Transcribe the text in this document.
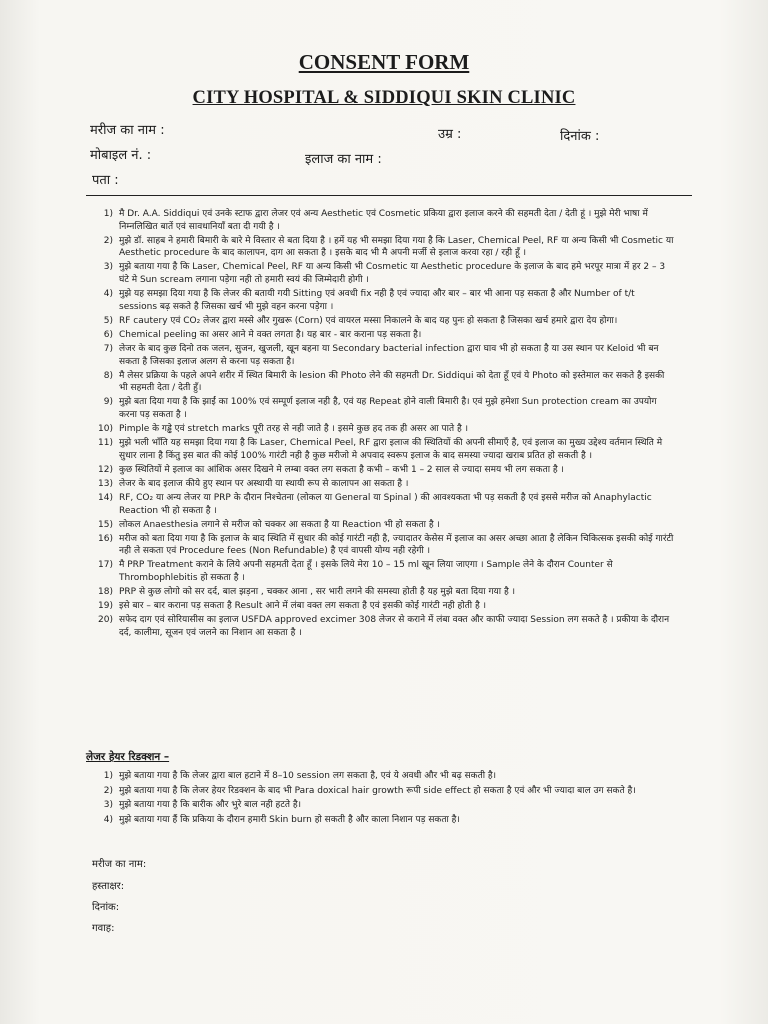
CONSENT FORM
CITY HOSPITAL & SIDDIQUI SKIN CLINIC
मरीज का नाम :	उम्र :	दिनांक :
मोबाइल नं. :	इलाज का नाम :
पता :
1) मै Dr. A.A. Siddiqui एवं उनके स्टाफ द्वारा लेजर एवं अन्य Aesthetic एवं Cosmetic प्रकिया द्वारा इलाज करने की सहमती देता / देती हूं । मुझे मेरी भाषा में निम्नलिखित बातें एवं सावधानियाँ बता दी गयी है ।
2) मुझे डॉ. साहब ने हमारी बिमारी के बारे मे विस्तार से बता दिया है । हमें यह भी समझा दिया गया है कि Laser, Chemical Peel, RF या अन्य किसी भी Cosmetic या Aesthetic procedure के बाद कालापन, दाग आ सकता है । इसके बाद भी मै अपनी मर्जी से इलाज करवा रहा / रही हूँ ।
3) मुझे बताया गया है कि Laser, Chemical Peel, RF या अन्य किसी भी Cosmetic या Aesthetic procedure के इलाज के बाद हमे भरपूर मात्रा में हर 2 – 3 घंटे मे Sun scream लगाना पड़ेगा नही तो हमारी स्वयं की जिम्मेदारी होगी ।
4) मुझे यह समझा दिया गया है कि लेजर की बतायी गयी Sitting एवं अवधी fix नही है एवं ज्यादा और बार – बार भी आना पड़ सकता है और Number of t/t sessions बढ़ सकते है जिसका खर्च भी मुझे वहन करना पड़ेगा ।
5) RF cautery एवं CO₂ लेजर द्वारा मस्से और गुखरू (Corn) एवं वायरल मस्सा निकालने के बाद यह पुनः हो सकता है जिसका खर्च हमारे द्वारा देय होगा।
6) Chemical peeling का असर आने मे वक्त लगता है। यह बार - बार कराना पड़ सकता है।
7) लेजर के बाद कुछ दिनो तक जलन, सुजन, खुजली, खून बहना या Secondary bacterial infection द्वारा घाव भी हो सकता है या उस स्थान पर Keloid भी बन सकता है जिसका इलाज अलग से करना पड़ सकता है।
8) मै लेसर प्रक्रिया के पहले अपने शरीर में स्थित बिमारी के lesion की Photo लेने की सहमती Dr. Siddiqui को देता हूँ एवं ये Photo को इस्तेमाल कर सकते है इसकी भी सहमती देता / देती हुँ।
9) मुझे बता दिया गया है कि झाईं का 100% एवं सम्पूर्ण इलाज नही है, एवं यह Repeat होने वाली बिमारी है। एवं मुझे हमेशा Sun protection cream का उपयोग करना पड़ सकता है ।
10) Pimple के गड्ढे एवं stretch marks पूरी तरह से नही जाते है । इसमे कुछ हद तक ही असर आ पाते है ।
11) मुझे भली भाँति यह समझा दिया गया है कि Laser, Chemical Peel, RF द्वारा इलाज की स्थितियों की अपनी सीमाएँ है, एवं इलाज का मुख्य उद्देश्य वर्तमान स्थिति मे सुधार लाना है किंतु इस बात की कोई 100% गारंटी नही है कुछ मरीजो मे अपवाद स्वरूप इलाज के बाद समस्या ज्यादा खराब प्रतित हो सकती है ।
12) कुछ स्थितियों मे इलाज का आंशिक असर दिखने मे लम्बा वक्त लग सकता है कभी – कभी 1 – 2 साल से ज्यादा समय भी लग सकता है ।
13) लेजर के बाद इलाज कीये हुए स्थान पर अस्थायी या स्थायी रूप से कालापन आ सकता है ।
14) RF, CO₂ या अन्य लेजर या PRP के दौरान निश्चेतना (लोकल या General या Spinal ) की आवश्यकता भी पड़ सकती है एवं इससे मरीज को Anaphylactic Reaction भी हो सकता है ।
15) लोकल Anaesthesia लगाने से मरीज को चक्कर आ सकता है या Reaction भी हो सकता है ।
16) मरीज को बता दिया गया है कि इलाज के बाद स्थिति में सुधार की कोई गारंटी नही है, ज्यादातर केसेस में इलाज का असर अच्छा आता है लेकिन चिकित्सक इसकी कोई गारंटी नही ले सकता एवं Procedure fees (Non Refundable) है एवं वापसी योग्य नही रहेगी ।
17) मै PRP Treatment कराने के लिये अपनी सहमती देता हूँ । इसके लिये मेरा 10 – 15 ml खून लिया जाएगा । Sample लेने के दौरान Counter से Thrombophlebitis हो सकता है ।
18) PRP से कुछ लोगो को सर दर्द, बाल झड़ना , चक्कर आना , सर भारी लगने की समस्या होती है यह मुझे बता दिया गया है ।
19) इसे बार – बार कराना पड़ सकता है Result आने में लंबा वक्त लग सकता है एवं इसकी कोई गारंटी नही होती है ।
20) सफेद दाग एवं सोरियासीस का इलाज USFDA approved excimer 308 लेजर से कराने में लंबा वक्त और काफी ज्यादा Session लग सकते है । प्रकीया के दौरान दर्द, कालीमा, सूजन एवं जलने का निशान आ सकता है ।
लेजर हेयर रिडक्शन –
1) मुझे बताया गया है कि लेजर द्वारा बाल हटाने में 8–10 session लग सकता है, एवं ये अवधी और भी बढ़ सकती है।
2) मुझे बताया गया है कि लेजर हेयर रिडक्शन के बाद भी Para doxical hair growth रूपी side effect हो सकता है एवं और भी ज्यादा बाल उग सकते है।
3) मुझे बताया गया है कि बारीक और भुरे बाल नही हटते है।
4) मुझे बताया गया हैं कि प्रकिया के दौरान हमारी Skin burn हो सकती है और काला निशान पड़ सकता है।
मरीज का नाम:
हस्ताक्षर:
दिनांक:
गवाह:
